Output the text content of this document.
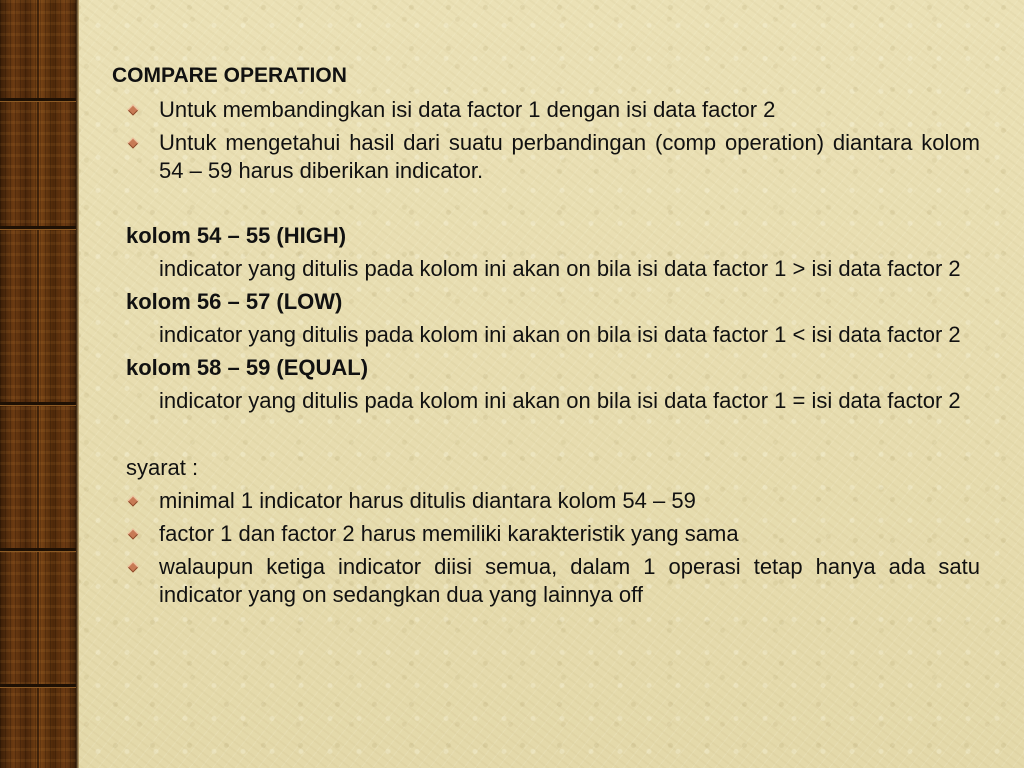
COMPARE OPERATION
Untuk membandingkan isi data factor 1 dengan isi data factor 2
Untuk mengetahui hasil dari suatu perbandingan (comp operation) diantara kolom 54 – 59 harus diberikan indicator.
kolom 54 – 55 (HIGH)
indicator yang ditulis pada kolom ini akan on bila isi data factor 1 > isi data factor 2
kolom 56 – 57 (LOW)
indicator yang ditulis pada kolom ini akan on bila isi data factor 1 < isi data factor 2
kolom 58 – 59 (EQUAL)
indicator yang ditulis pada kolom ini akan on bila isi data factor 1 = isi data factor 2
syarat :
minimal 1 indicator harus ditulis diantara kolom 54 – 59
factor 1 dan factor 2 harus memiliki karakteristik yang sama
walaupun ketiga indicator diisi semua, dalam 1 operasi tetap hanya ada satu indicator yang on sedangkan dua yang lainnya off
